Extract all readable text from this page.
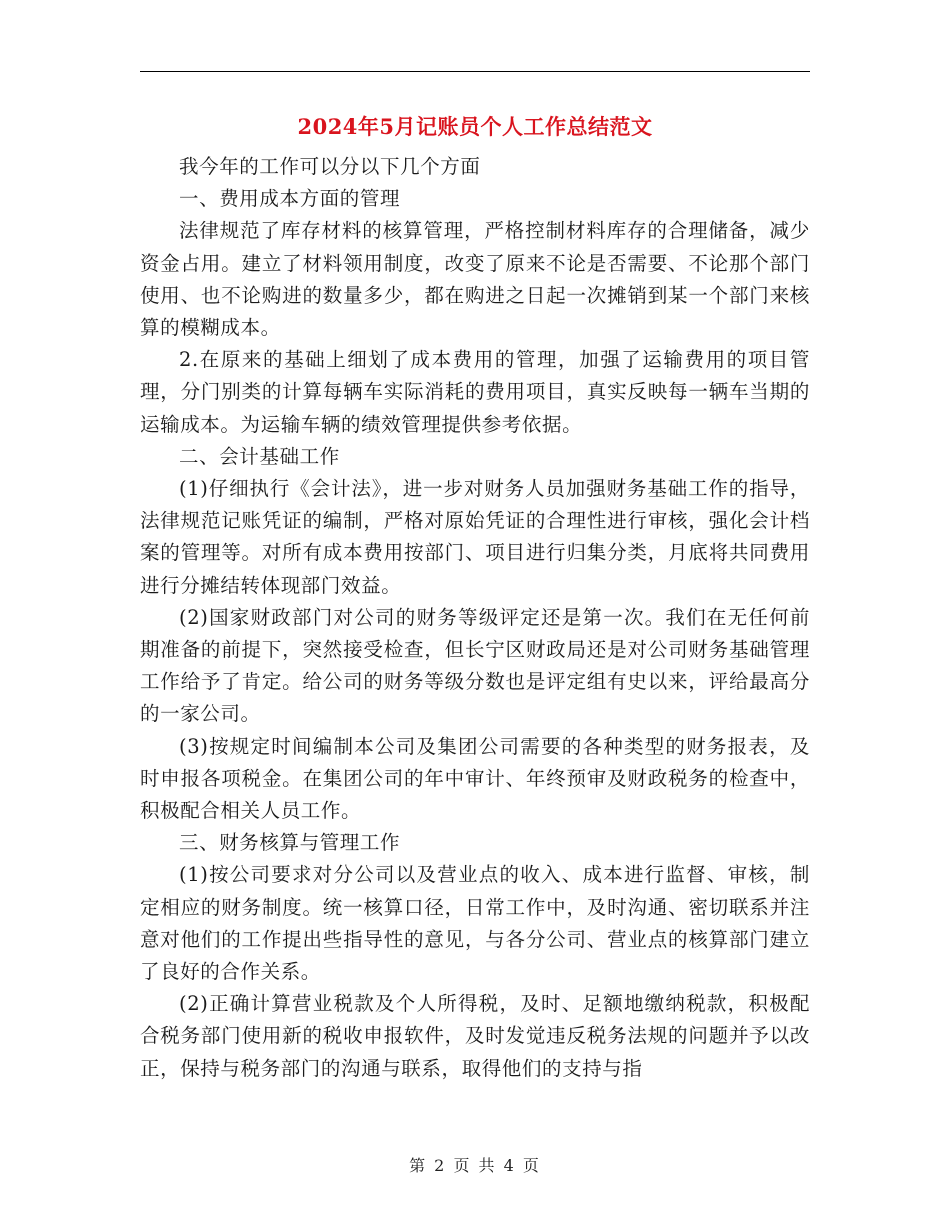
2024年5月记账员个人工作总结范文

我今年的工作可以分以下几个方面

一、费用成本方面的管理

法律规范了库存材料的核算管理，严格控制材料库存的合理储备，减少资金占用。建立了材料领用制度，改变了原来不论是否需要、不论那个部门使用、也不论购进的数量多少，都在购进之日起一次摊销到某一个部门来核算的模糊成本。

2.在原来的基础上细划了成本费用的管理，加强了运输费用的项目管理，分门别类的计算每辆车实际消耗的费用项目，真实反映每一辆车当期的运输成本。为运输车辆的绩效管理提供参考依据。

二、会计基础工作

(1)仔细执行《会计法》，进一步对财务人员加强财务基础工作的指导，法律规范记账凭证的编制，严格对原始凭证的合理性进行审核，强化会计档案的管理等。对所有成本费用按部门、项目进行归集分类，月底将共同费用进行分摊结转体现部门效益。

(2)国家财政部门对公司的财务等级评定还是第一次。我们在无任何前期准备的前提下，突然接受检查，但长宁区财政局还是对公司财务基础管理工作给予了肯定。给公司的财务等级分数也是评定组有史以来，评给最高分的一家公司。

(3)按规定时间编制本公司及集团公司需要的各种类型的财务报表，及时申报各项税金。在集团公司的年中审计、年终预审及财政税务的检查中，积极配合相关人员工作。

三、财务核算与管理工作

(1)按公司要求对分公司以及营业点的收入、成本进行监督、审核，制定相应的财务制度。统一核算口径，日常工作中，及时沟通、密切联系并注意对他们的工作提出些指导性的意见，与各分公司、营业点的核算部门建立了良好的合作关系。

(2)正确计算营业税款及个人所得税，及时、足额地缴纳税款，积极配合税务部门使用新的税收申报软件，及时发觉违反税务法规的问题并予以改正，保持与税务部门的沟通与联系，取得他们的支持与指

第 2 页 共 4 页
